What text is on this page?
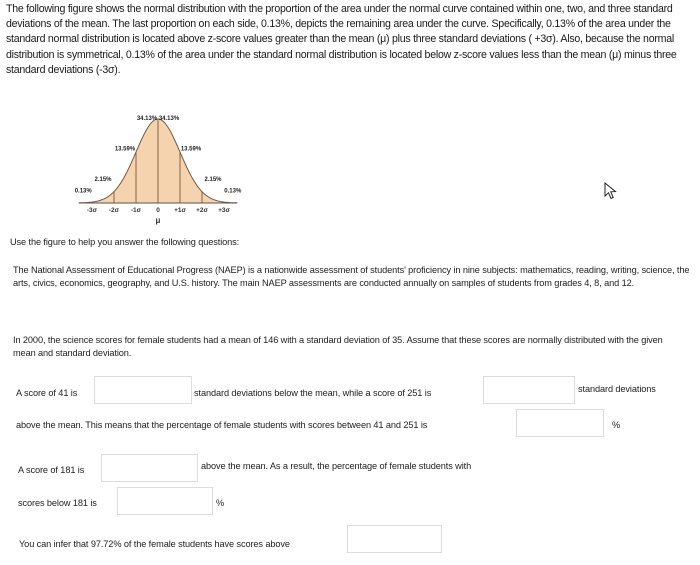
The following figure shows the normal distribution with the proportion of the area under the normal curve contained within one, two, and three standard deviations of the mean. The last proportion on each side, 0.13%, depicts the remaining area under the curve. Specifically, 0.13% of the area under the standard normal distribution is located above z-score values greater than the mean (μ) plus three standard deviations ( +3σ). Also, because the normal distribution is symmetrical, 0.13% of the area under the standard normal distribution is located below z-score values less than the mean (μ) minus three standard deviations (-3σ).
34.13% 34.13%
13.59%	13.59%
2.15%	2.15%
0.13%	0.13%
-3σ -2σ -1σ 0 +1σ +2σ +3σ
μ
Use the figure to help you answer the following questions:
The National Assessment of Educational Progress (NAEP) is a nationwide assessment of students' proficiency in nine subjects: mathematics, reading, writing, science, the arts, civics, economics, geography, and U.S. history. The main NAEP assessments are conducted annually on samples of students from grades 4, 8, and 12.
In 2000, the science scores for female students had a mean of 146 with a standard deviation of 35. Assume that these scores are normally distributed with the given mean and standard deviation.
A score of 41 is	standard deviations below the mean, while a score of 251 is	standard deviations
above the mean. This means that the percentage of female students with scores between 41 and 251 is	%
A score of 181 is	above the mean. As a result, the percentage of female students with
scores below 181 is	%
You can infer that 97.72% of the female students have scores above
